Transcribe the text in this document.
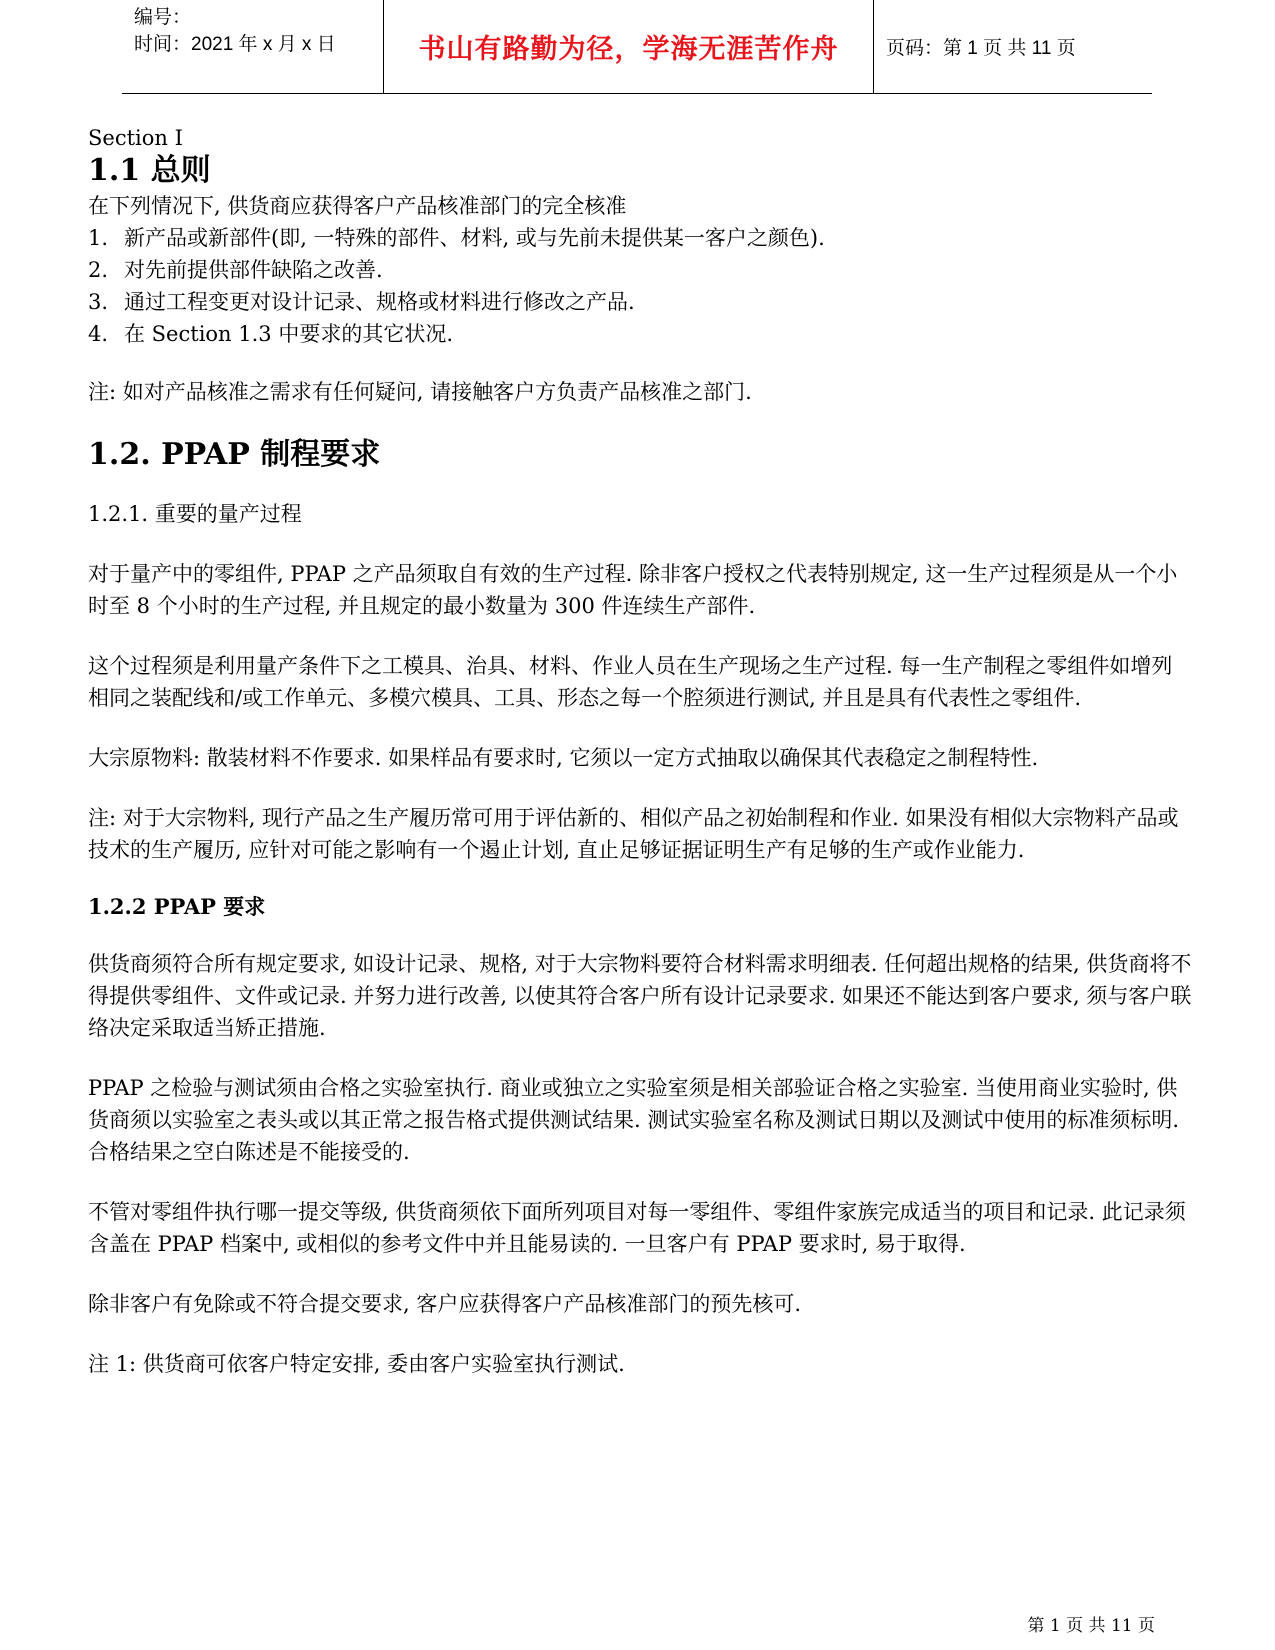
编号：
时间：2021 年 x 月 x 日	书山有路勤为径，学海无涯苦作舟	页码：第 1 页 共 11 页

Section Ⅰ

1.1 总则

在下列情况下, 供货商应获得客户产品核准部门的完全核准

1. 新产品或新部件(即, 一特殊的部件、材料, 或与先前未提供某一客户之颜色).
2. 对先前提供部件缺陷之改善.
3. 通过工程变更对设计记录、规格或材料进行修改之产品.
4. 在 Section 1.3 中要求的其它状况.

注: 如对产品核准之需求有任何疑问, 请接触客户方负责产品核准之部门.

1.2. PPAP 制程要求

1.2.1. 重要的量产过程

对于量产中的零组件, PPAP 之产品须取自有效的生产过程. 除非客户授权之代表特别规定, 这一生产过程须是从一个小时至 8 个小时的生产过程, 并且规定的最小数量为 300 件连续生产部件.

这个过程须是利用量产条件下之工模具、治具、材料、作业人员在生产现场之生产过程. 每一生产制程之零组件如增列相同之装配线和/或工作单元、多模穴模具、工具、形态之每一个腔须进行测试, 并且是具有代表性之零组件.

大宗原物料: 散装材料不作要求. 如果样品有要求时, 它须以一定方式抽取以确保其代表稳定之制程特性.

注: 对于大宗物料, 现行产品之生产履历常可用于评估新的、相似产品之初始制程和作业. 如果没有相似大宗物料产品或技术的生产履历, 应针对可能之影响有一个遏止计划, 直止足够证据证明生产有足够的生产或作业能力.

1.2.2 PPAP 要求

供货商须符合所有规定要求, 如设计记录、规格, 对于大宗物料要符合材料需求明细表. 任何超出规格的结果, 供货商将不得提供零组件、文件或记录. 并努力进行改善, 以使其符合客户所有设计记录要求. 如果还不能达到客户要求, 须与客户联络决定采取适当矫正措施.

PPAP 之检验与测试须由合格之实验室执行. 商业或独立之实验室须是相关部验证合格之实验室. 当使用商业实验时, 供货商须以实验室之表头或以其正常之报告格式提供测试结果. 测试实验室名称及测试日期以及测试中使用的标准须标明. 合格结果之空白陈述是不能接受的.

不管对零组件执行哪一提交等级, 供货商须依下面所列项目对每一零组件、零组件家族完成适当的项目和记录. 此记录须含盖在 PPAP 档案中, 或相似的参考文件中并且能易读的. 一旦客户有 PPAP 要求时, 易于取得.

除非客户有免除或不符合提交要求, 客户应获得客户产品核准部门的预先核可.

注 1: 供货商可依客户特定安排, 委由客户实验室执行测试.

第 1 页 共 11 页
